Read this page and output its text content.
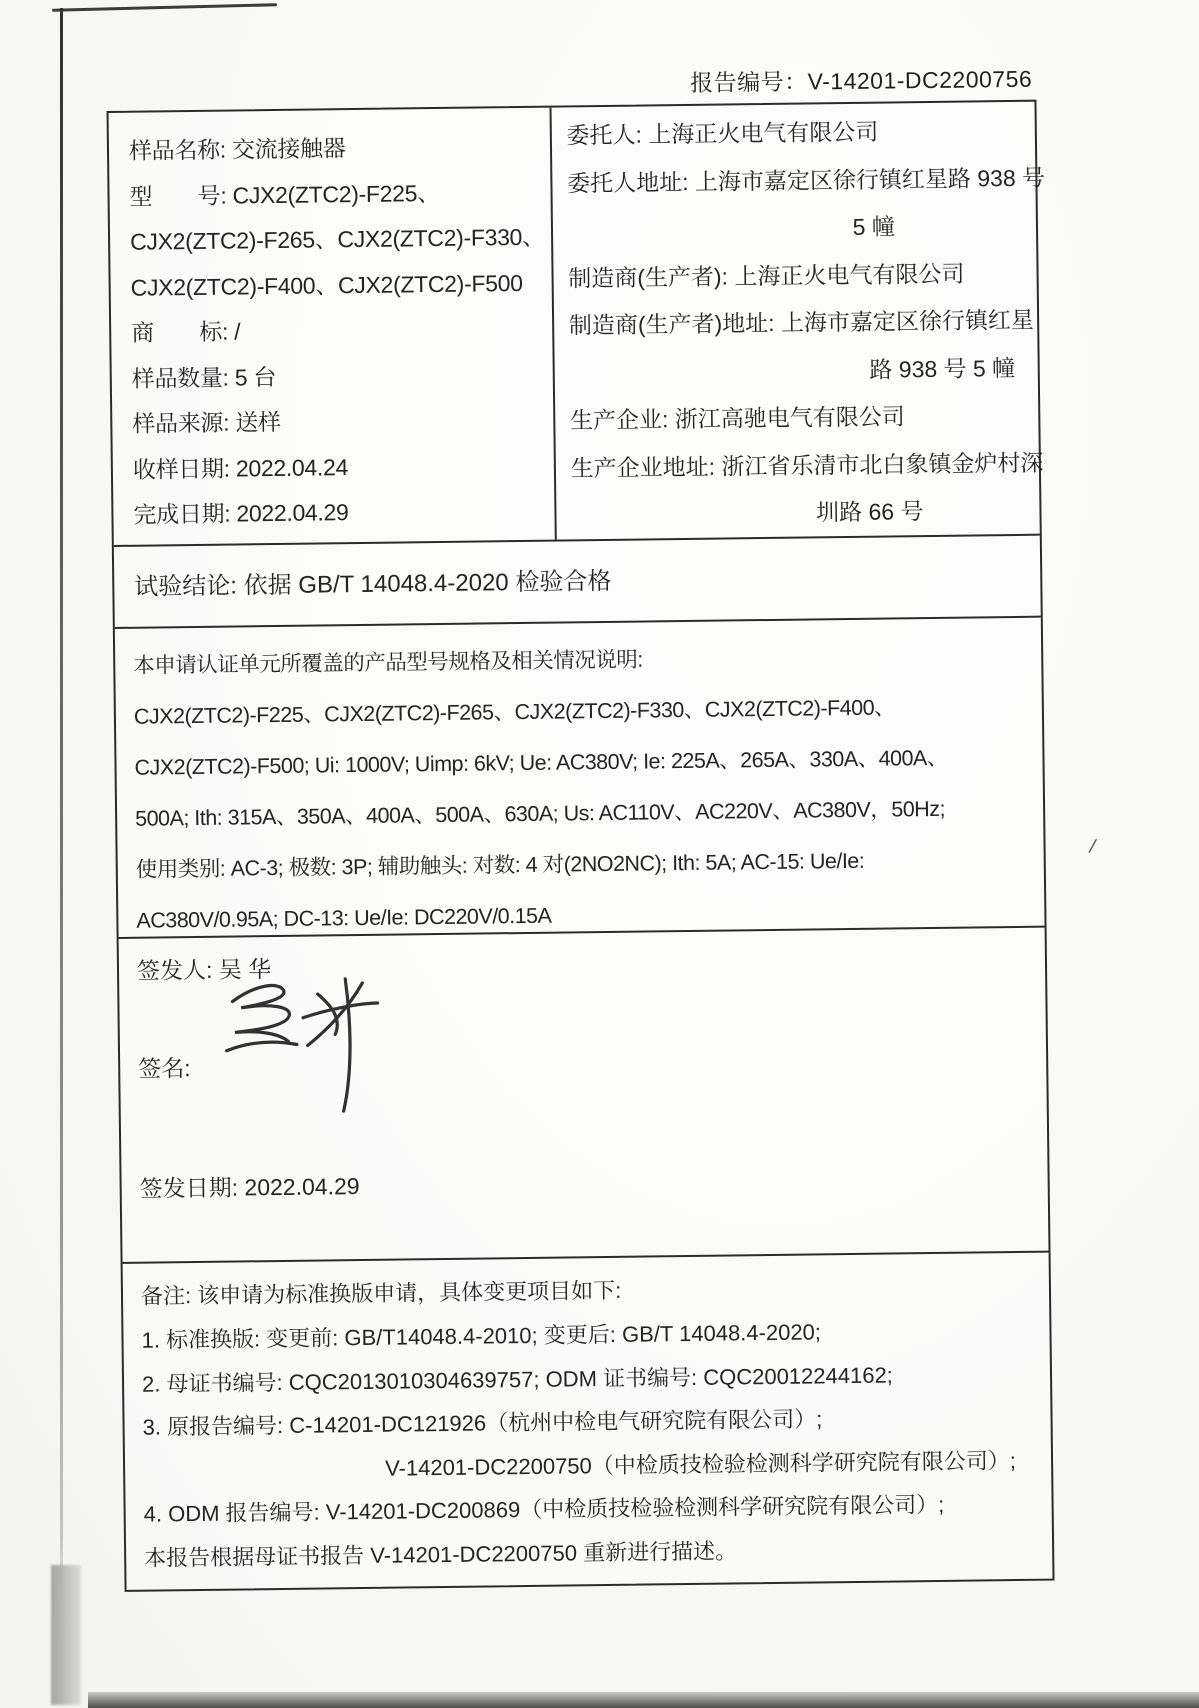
报告编号：V-14201-DC2200756
样品名称: 交流接触器
型　　号: CJX2(ZTC2)-F225、
CJX2(ZTC2)-F265、CJX2(ZTC2)-F330、
CJX2(ZTC2)-F400、CJX2(ZTC2)-F500
商　　标: /
样品数量: 5 台
样品来源: 送样
收样日期: 2022.04.24
完成日期: 2022.04.29
委托人: 上海正火电气有限公司
委托人地址: 上海市嘉定区徐行镇红星路 938 号
5 幢
制造商(生产者): 上海正火电气有限公司
制造商(生产者)地址: 上海市嘉定区徐行镇红星
路 938 号 5 幢
生产企业: 浙江高驰电气有限公司
生产企业地址: 浙江省乐清市北白象镇金炉村深
圳路 66 号
试验结论: 依据 GB/T 14048.4-2020 检验合格
本申请认证单元所覆盖的产品型号规格及相关情况说明:
CJX2(ZTC2)-F225、CJX2(ZTC2)-F265、CJX2(ZTC2)-F330、CJX2(ZTC2)-F400、
CJX2(ZTC2)-F500; Ui: 1000V; Uimp: 6kV; Ue: AC380V; Ie: 225A、265A、330A、400A、
500A; Ith: 315A、350A、400A、500A、630A; Us: AC110V、AC220V、AC380V，50Hz;
使用类别: AC-3; 极数: 3P; 辅助触头: 对数: 4 对(2NO2NC); Ith: 5A; AC-15: Ue/Ie:
AC380V/0.95A; DC-13: Ue/Ie: DC220V/0.15A
签发人: 吴 华
签名:
签发日期: 2022.04.29
备注: 该申请为标准换版申请，具体变更项目如下:
1. 标准换版: 变更前: GB/T14048.4-2010; 变更后: GB/T 14048.4-2020;
2. 母证书编号: CQC2013010304639757; ODM 证书编号: CQC20012244162;
3. 原报告编号: C-14201-DC121926（杭州中检电气研究院有限公司）;
V-14201-DC2200750（中检质技检验检测科学研究院有限公司）;
4. ODM 报告编号: V-14201-DC200869（中检质技检验检测科学研究院有限公司）;
本报告根据母证书报告 V-14201-DC2200750 重新进行描述。
/
